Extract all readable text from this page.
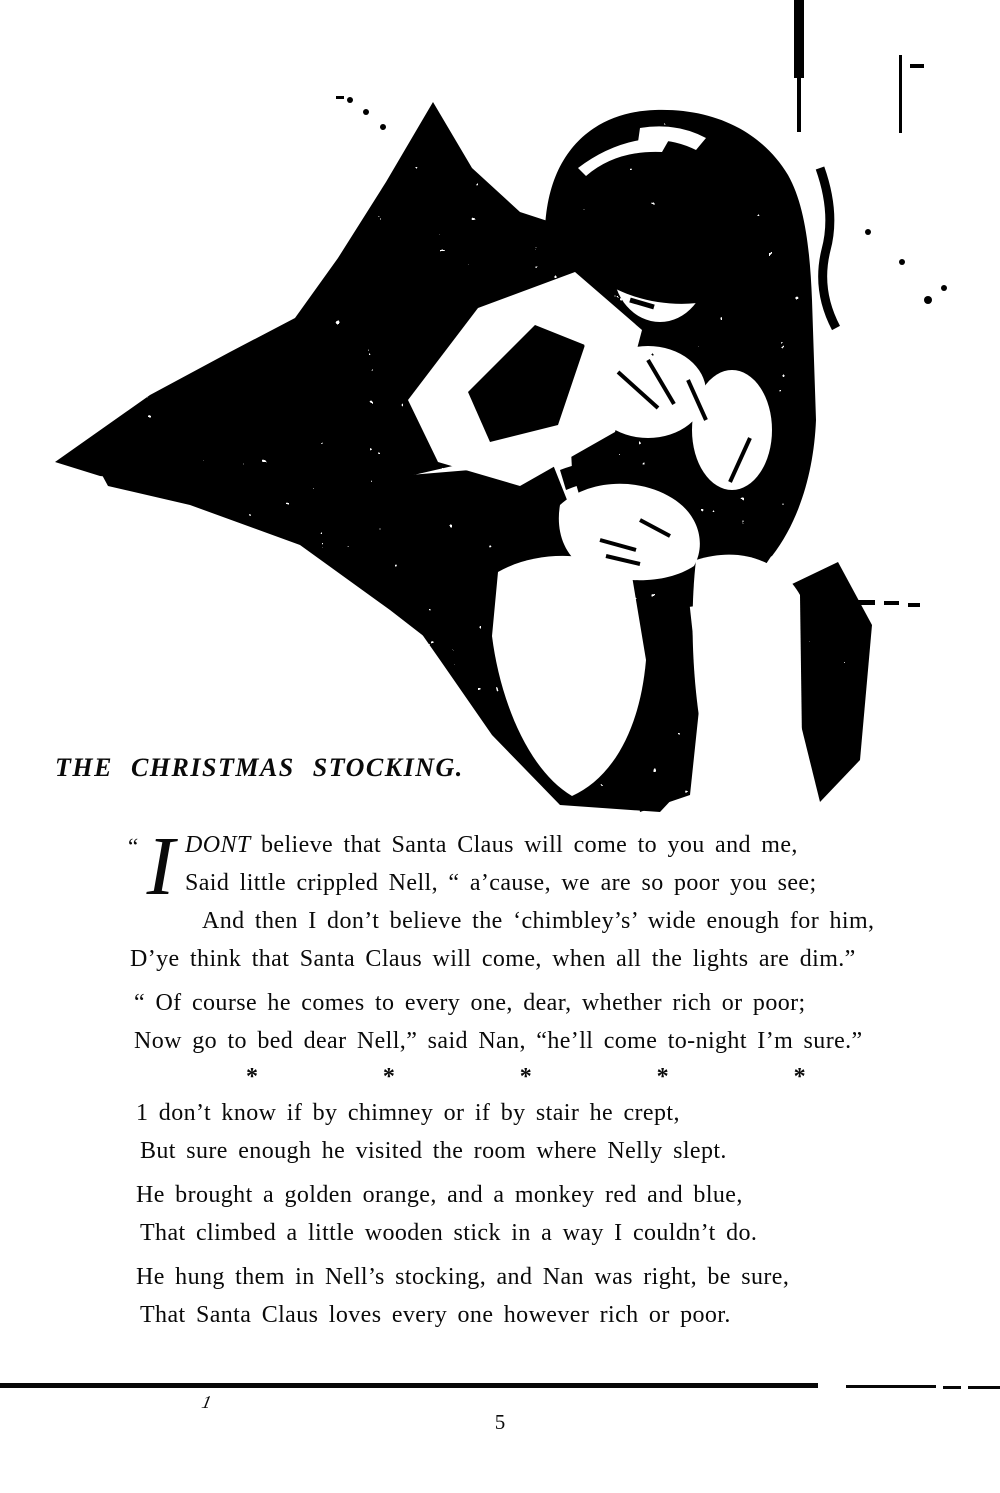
THE CHRISTMAS STOCKING.
“ I DONT believe that Santa Claus will come to you and me,
Said little crippled Nell, “ a’cause, we are so poor you see;
And then I don’t believe the ‘chimbley’s’ wide enough for him,
D’ye think that Santa Claus will come, when all the lights are dim.”
“ Of course he comes to every one, dear, whether rich or poor;
Now go to bed dear Nell,” said Nan, “he’ll come to-night I’m sure.”
*	*	*	*	*
1 don’t know if by chimney or if by stair he crept,
But sure enough he visited the room where Nelly slept.
He brought a golden orange, and a monkey red and blue,
That climbed a little wooden stick in a way I couldn’t do.
He hung them in Nell’s stocking, and Nan was right, be sure,
That Santa Claus loves every one however rich or poor.
1
5
